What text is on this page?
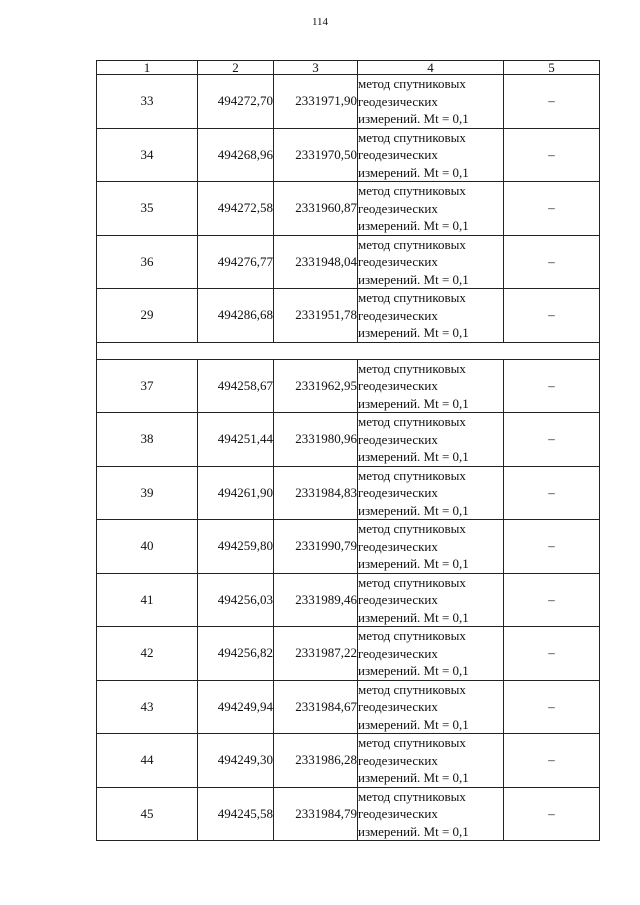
114
1	2	3	4	5
33	494272,70	2331971,90	метод спутниковых
геодезических
измерений. Mt = 0,1	–
34	494268,96	2331970,50	метод спутниковых
геодезических
измерений. Mt = 0,1	–
35	494272,58	2331960,87	метод спутниковых
геодезических
измерений. Mt = 0,1	–
36	494276,77	2331948,04	метод спутниковых
геодезических
измерений. Mt = 0,1	–
29	494286,68	2331951,78	метод спутниковых
геодезических
измерений. Mt = 0,1	–

37	494258,67	2331962,95	метод спутниковых
геодезических
измерений. Mt = 0,1	–
38	494251,44	2331980,96	метод спутниковых
геодезических
измерений. Mt = 0,1	–
39	494261,90	2331984,83	метод спутниковых
геодезических
измерений. Mt = 0,1	–
40	494259,80	2331990,79	метод спутниковых
геодезических
измерений. Mt = 0,1	–
41	494256,03	2331989,46	метод спутниковых
геодезических
измерений. Mt = 0,1	–
42	494256,82	2331987,22	метод спутниковых
геодезических
измерений. Mt = 0,1	–
43	494249,94	2331984,67	метод спутниковых
геодезических
измерений. Mt = 0,1	–
44	494249,30	2331986,28	метод спутниковых
геодезических
измерений. Mt = 0,1	–
45	494245,58	2331984,79	метод спутниковых
геодезических
измерений. Mt = 0,1	–
